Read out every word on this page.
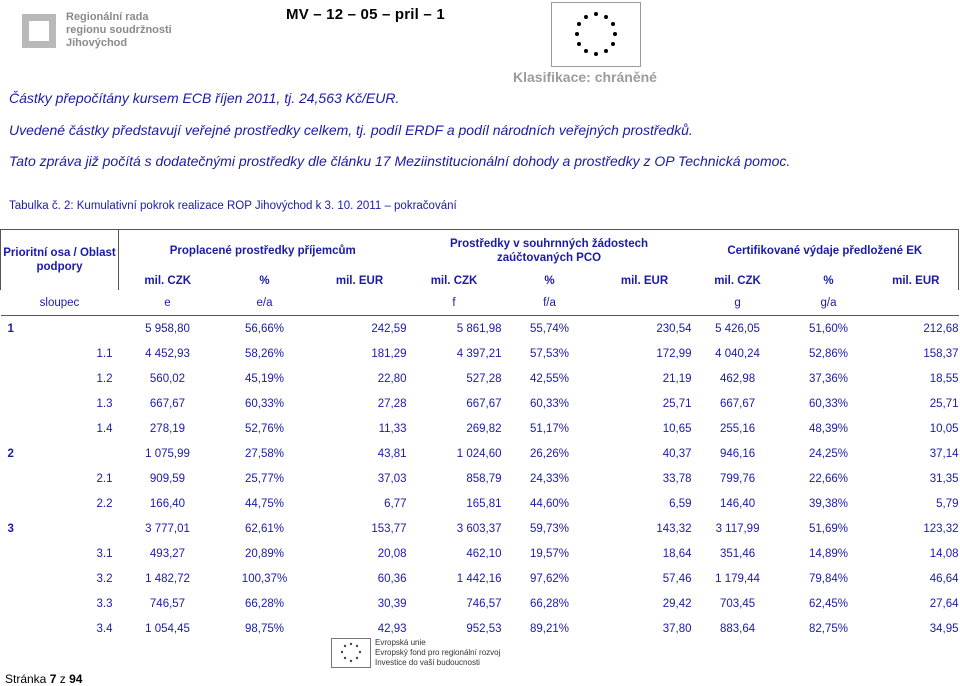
Regionální rada
regionu soudržnosti
Jihovýchod
MV – 12 – 05 – pril – 1
Klasifikace: chráněné
Částky přepočítány kursem ECB říjen 2011, tj. 24,563 Kč/EUR.
Uvedené částky představují veřejné prostředky celkem, tj. podíl ERDF a podíl národních veřejných prostředků.
Tato zpráva již počítá s dodatečnými prostředky dle článku 17 Meziinstitucionální dohody a prostředky z OP Technická pomoc.
Tabulka č. 2: Kumulativní pokrok realizace ROP Jihovýchod k 3. 10. 2011 – pokračování
Prioritní osa / Oblast podpory	Proplacené prostředky příjemcům			Prostředky v souhrnných žádostech zaúčtovaných PCO			Certifikované výdaje předložené EK		
	mil. CZK	%	mil. EUR	mil. CZK	%	mil. EUR	mil. CZK	%	mil. EUR
sloupec	e	e/a		f	f/a		g	g/a	
1	5 958,80	56,66%	242,59	5 861,98	55,74%	230,54	5 426,05	51,60%	212,68
1.1	4 452,93	58,26%	181,29	4 397,21	57,53%	172,99	4 040,24	52,86%	158,37
1.2	560,02	45,19%	22,80	527,28	42,55%	21,19	462,98	37,36%	18,55
1.3	667,67	60,33%	27,28	667,67	60,33%	25,71	667,67	60,33%	25,71
1.4	278,19	52,76%	11,33	269,82	51,17%	10,65	255,16	48,39%	10,05
2	1 075,99	27,58%	43,81	1 024,60	26,26%	40,37	946,16	24,25%	37,14
2.1	909,59	25,77%	37,03	858,79	24,33%	33,78	799,76	22,66%	31,35
2.2	166,40	44,75%	6,77	165,81	44,60%	6,59	146,40	39,38%	5,79
3	3 777,01	62,61%	153,77	3 603,37	59,73%	143,32	3 117,99	51,69%	123,32
3.1	493,27	20,89%	20,08	462,10	19,57%	18,64	351,46	14,89%	14,08
3.2	1 482,72	100,37%	60,36	1 442,16	97,62%	57,46	1 179,44	79,84%	46,64
3.3	746,57	66,28%	30,39	746,57	66,28%	29,42	703,45	62,45%	27,64
3.4	1 054,45	98,75%	42,93	952,53	89,21%	37,80	883,64	82,75%	34,95
Evropská unie
Evropský fond pro regionální rozvoj
Investice do vaší budoucnosti
Stránka 7 z 94
